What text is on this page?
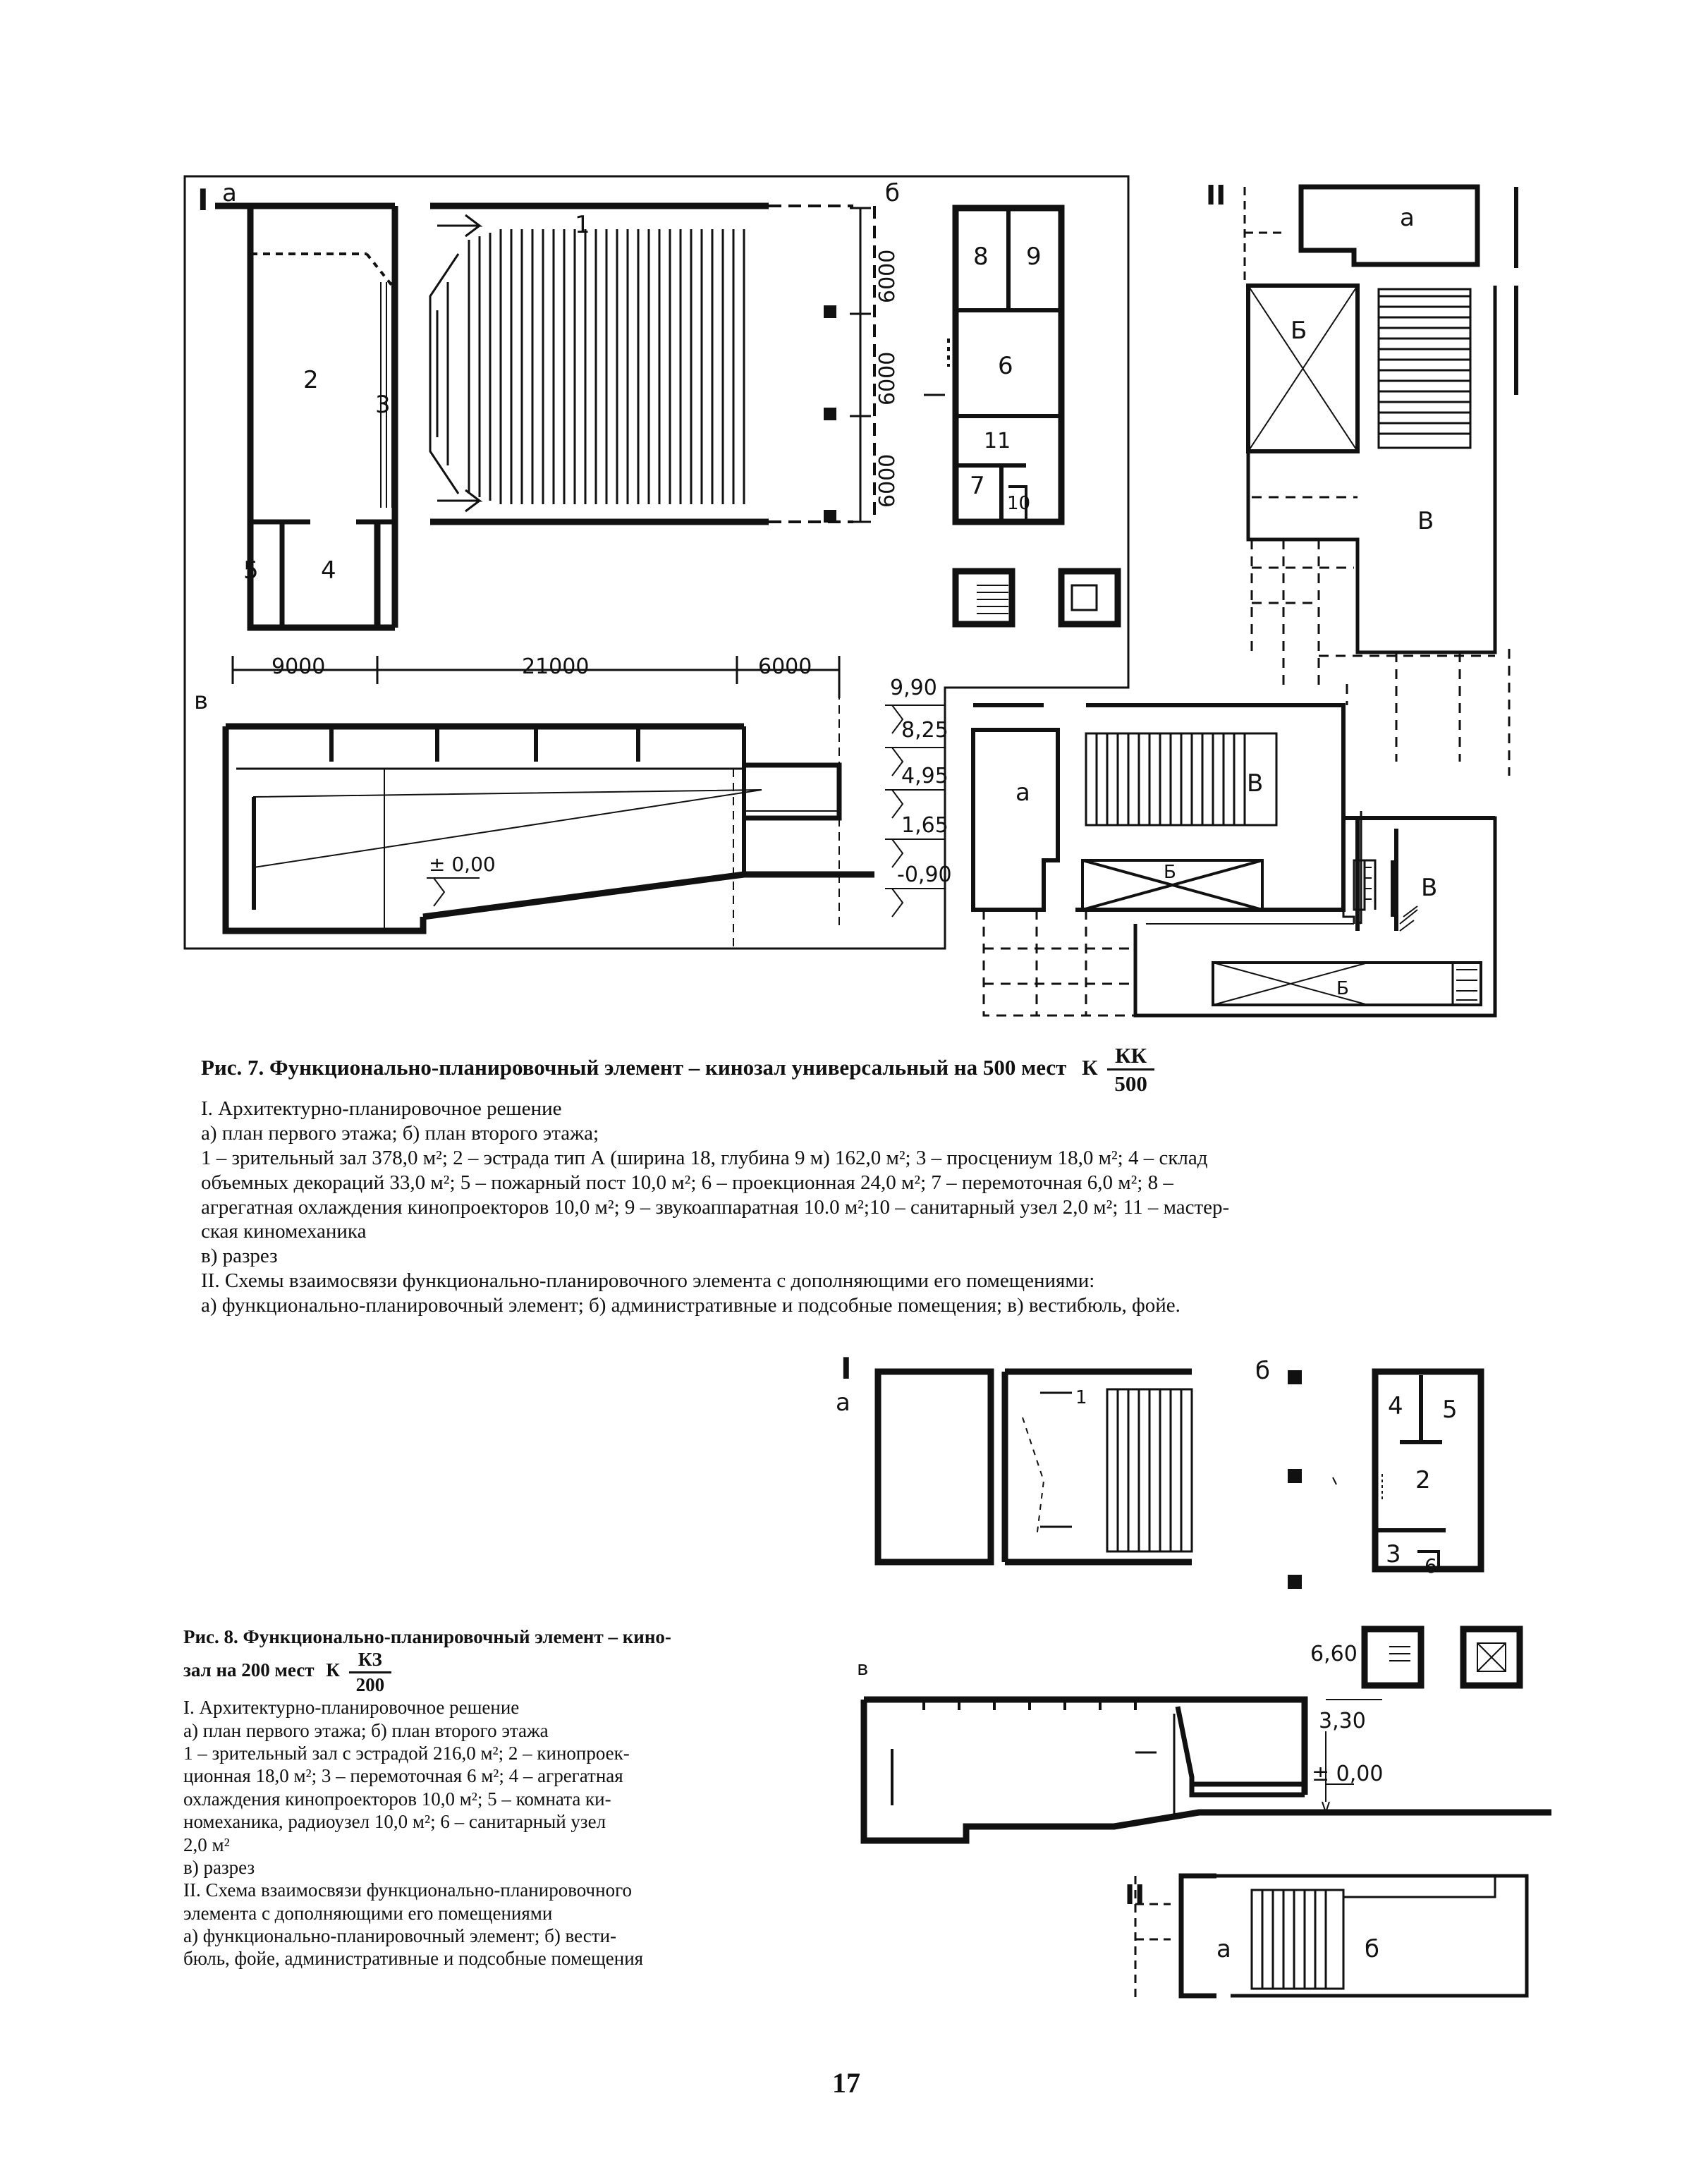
I а	б
в
II
1
2
3
4
5
6
7
8 9
10
11
9000	21000	6000
6000
6000
6000
9,90
8,25
4,95
1,65
-0,90
± 0,00
а
Б
В
а	В
Б
В
Б
I
а
б
в
II
1
2
3
4 5
6
6,60
3,30
± 0,00
а	б

Рис. 7. Функционально-планировочный элемент – кинозал универсальный на 500 мест К $\frac{КК}{500}$

I. Архитектурно-планировочное решение

а) план первого этажа; б) план второго этажа;

1 – зрительный зал 378,0 м²; 2 – эстрада тип А (ширина 18, глубина 9 м) 162,0 м²; 3 – просцениум 18,0 м²; 4 – склад

объемных декораций 33,0 м²; 5 – пожарный пост 10,0 м²; 6 – проекционная 24,0 м²; 7 – перемоточная 6,0 м²; 8 –

агрегатная охлаждения кинопроекторов 10,0 м²; 9 – звукоаппаратная 10.0 м²;10 – санитарный узел 2,0 м²; 11 – мастер-

ская киномеханика

в) разрез

II. Схемы взаимосвязи функционально-планировочного элемента с дополняющими его помещениями:

а) функционально-планировочный элемент; б) административные и подсобные помещения; в) вестибюль, фойе.

Рис. 8. Функционально-планировочный элемент – кино-

зал на 200 мест К $\frac{КЗ}{200}$

I. Архитектурно-планировочное решение

а) план первого этажа; б) план второго этажа

1 – зрительный зал с эстрадой 216,0 м²; 2 – кинопроек-

ционная 18,0 м²; 3 – перемоточная 6 м²; 4 – агрегатная

охлаждения кинопроекторов 10,0 м²; 5 – комната ки-

номеханика, радиоузел 10,0 м²; 6 – санитарный узел

2,0 м²

в) разрез

II. Схема взаимосвязи функционально-планировочного

элемента с дополняющими его помещениями

а) функционально-планировочный элемент; б) вести-

бюль, фойе, административные и подсобные помещения

17
